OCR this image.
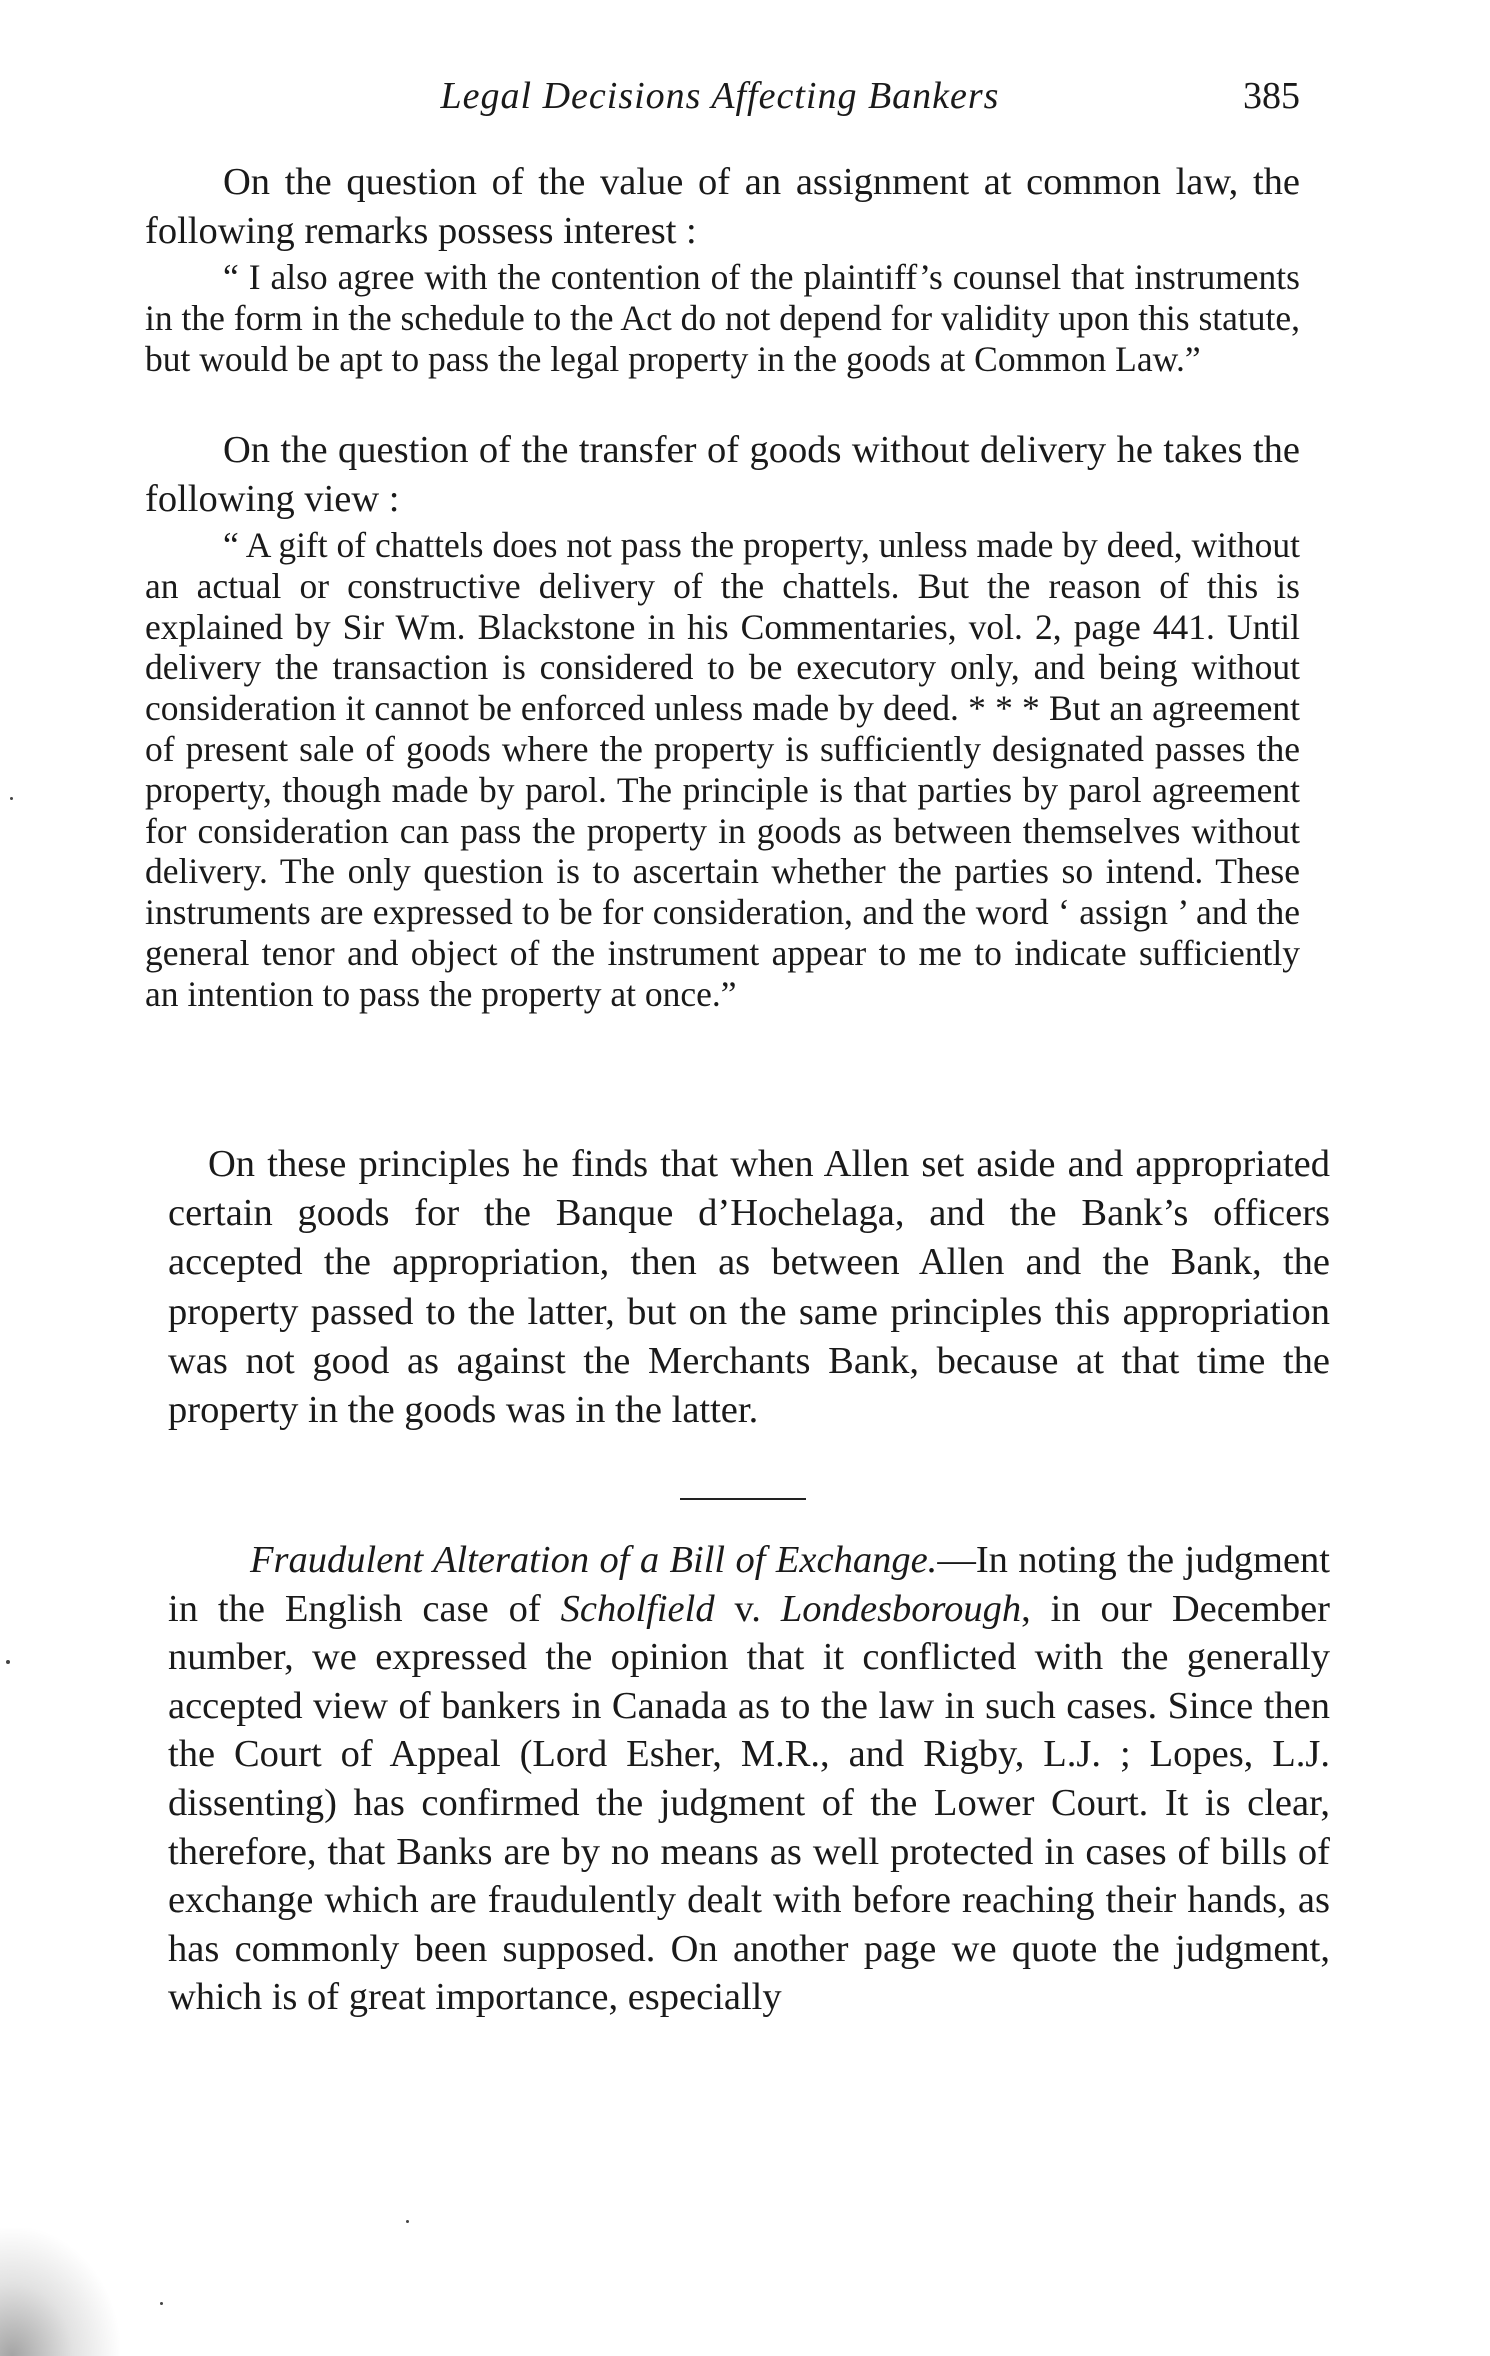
Legal Decisions Affecting Bankers	385

On the question of the value of an assignment at common law, the following remarks possess interest :

“ I also agree with the contention of the plaintiff’s counsel that instruments in the form in the schedule to the Act do not depend for validity upon this statute, but would be apt to pass the legal property in the goods at Common Law.”

On the question of the transfer of goods without delivery he takes the following view :

“ A gift of chattels does not pass the property, unless made by deed, without an actual or constructive delivery of the chattels. But the reason of this is explained by Sir Wm. Blackstone in his Commentaries, vol. 2, page 441. Until delivery the transaction is considered to be executory only, and being without consideration it cannot be enforced unless made by deed. * * * But an agreement of present sale of goods where the property is sufficiently designated passes the property, though made by parol. The principle is that parties by parol agreement for consideration can pass the property in goods as between themselves without delivery. The only question is to ascertain whether the parties so intend. These instruments are expressed to be for consideration, and the word ‘ assign ’ and the general tenor and object of the instrument appear to me to indicate sufficiently an intention to pass the property at once.”

On these principles he finds that when Allen set aside and appropriated certain goods for the Banque d’Hochelaga, and the Bank’s officers accepted the appropriation, then as between Allen and the Bank, the property passed to the latter, but on the same principles this appropriation was not good as against the Merchants Bank, because at that time the property in the goods was in the latter.

Fraudulent Alteration of a Bill of Exchange.—In noting the judgment in the English case of Scholfield v. Londesborough, in our December number, we expressed the opinion that it conflicted with the generally accepted view of bankers in Canada as to the law in such cases. Since then the Court of Appeal (Lord Esher, M.R., and Rigby, L.J. ; Lopes, L.J. dissenting) has confirmed the judgment of the Lower Court. It is clear, therefore, that Banks are by no means as well protected in cases of bills of exchange which are fraudulently dealt with before reaching their hands, as has commonly been supposed. On another page we quote the judgment, which is of great importance, especially
